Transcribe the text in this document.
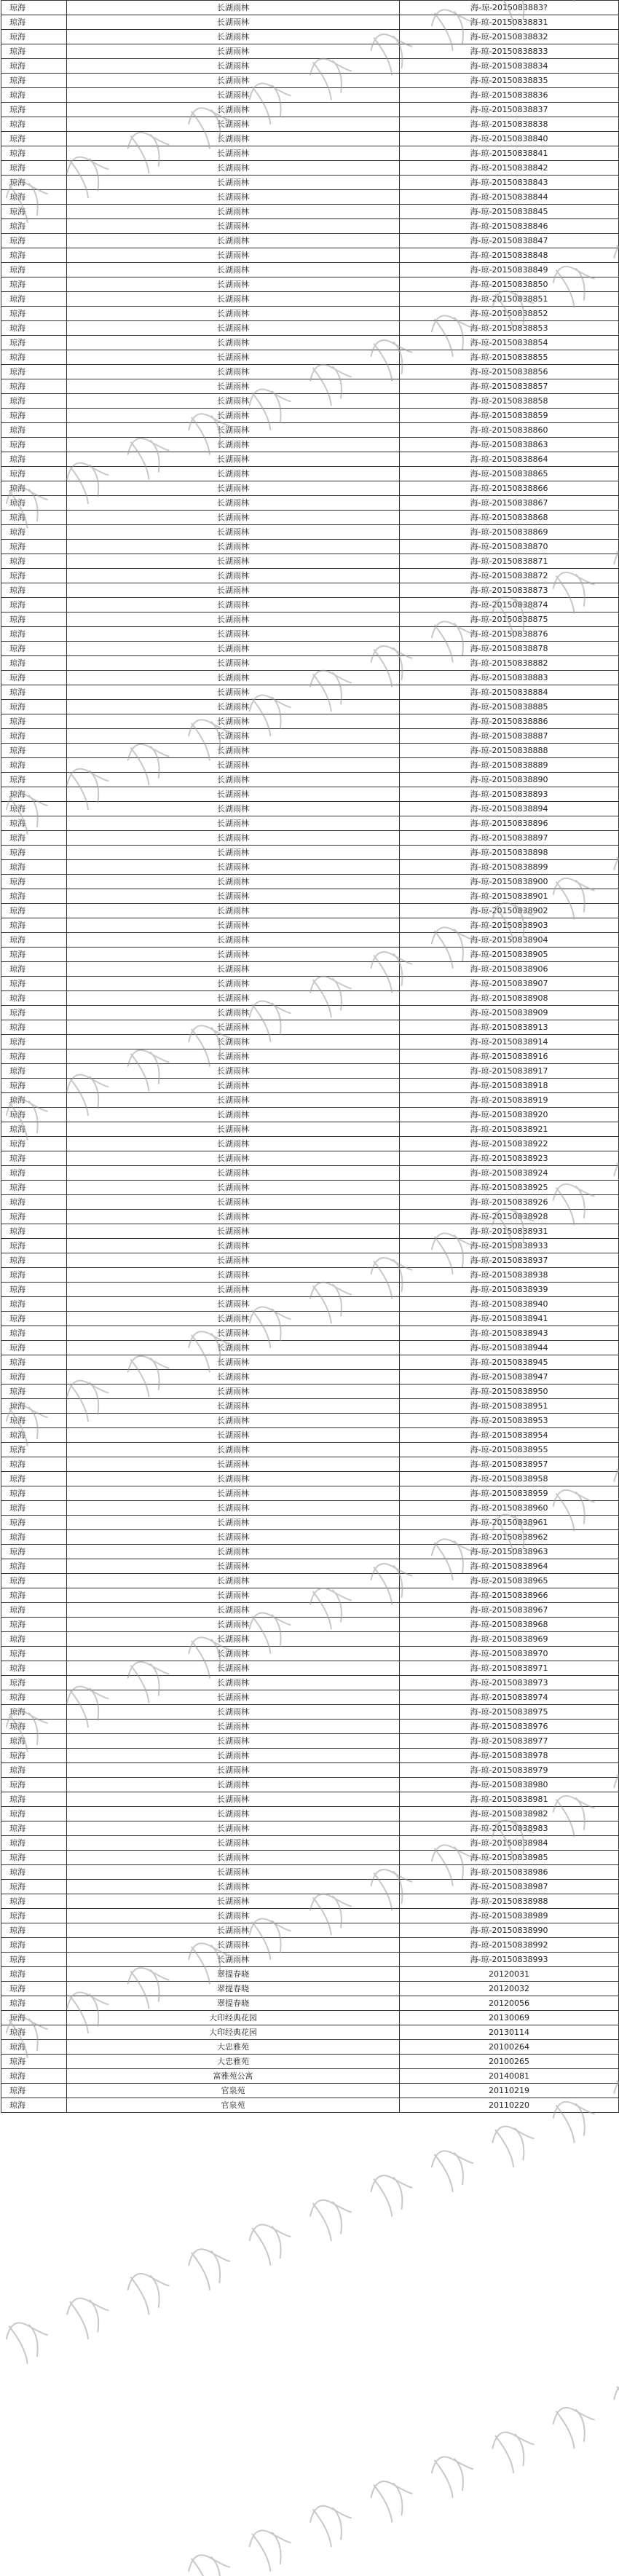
琼海	长湖雨林	海-琼-2015083883?
琼海	长湖雨林	海-琼-20150838831
琼海	长湖雨林	海-琼-20150838832
琼海	长湖雨林	海-琼-20150838833
琼海	长湖雨林	海-琼-20150838834
琼海	长湖雨林	海-琼-20150838835
琼海	长湖雨林	海-琼-20150838836
琼海	长湖雨林	海-琼-20150838837
琼海	长湖雨林	海-琼-20150838838
琼海	长湖雨林	海-琼-20150838840
琼海	长湖雨林	海-琼-20150838841
琼海	长湖雨林	海-琼-20150838842
琼海	长湖雨林	海-琼-20150838843
琼海	长湖雨林	海-琼-20150838844
琼海	长湖雨林	海-琼-20150838845
琼海	长湖雨林	海-琼-20150838846
琼海	长湖雨林	海-琼-20150838847
琼海	长湖雨林	海-琼-20150838848
琼海	长湖雨林	海-琼-20150838849
琼海	长湖雨林	海-琼-20150838850
琼海	长湖雨林	海-琼-20150838851
琼海	长湖雨林	海-琼-20150838852
琼海	长湖雨林	海-琼-20150838853
琼海	长湖雨林	海-琼-20150838854
琼海	长湖雨林	海-琼-20150838855
琼海	长湖雨林	海-琼-20150838856
琼海	长湖雨林	海-琼-20150838857
琼海	长湖雨林	海-琼-20150838858
琼海	长湖雨林	海-琼-20150838859
琼海	长湖雨林	海-琼-20150838860
琼海	长湖雨林	海-琼-20150838863
琼海	长湖雨林	海-琼-20150838864
琼海	长湖雨林	海-琼-20150838865
琼海	长湖雨林	海-琼-20150838866
琼海	长湖雨林	海-琼-20150838867
琼海	长湖雨林	海-琼-20150838868
琼海	长湖雨林	海-琼-20150838869
琼海	长湖雨林	海-琼-20150838870
琼海	长湖雨林	海-琼-20150838871
琼海	长湖雨林	海-琼-20150838872
琼海	长湖雨林	海-琼-20150838873
琼海	长湖雨林	海-琼-20150838874
琼海	长湖雨林	海-琼-20150838875
琼海	长湖雨林	海-琼-20150838876
琼海	长湖雨林	海-琼-20150838878
琼海	长湖雨林	海-琼-20150838882
琼海	长湖雨林	海-琼-20150838883
琼海	长湖雨林	海-琼-20150838884
琼海	长湖雨林	海-琼-20150838885
琼海	长湖雨林	海-琼-20150838886
琼海	长湖雨林	海-琼-20150838887
琼海	长湖雨林	海-琼-20150838888
琼海	长湖雨林	海-琼-20150838889
琼海	长湖雨林	海-琼-20150838890
琼海	长湖雨林	海-琼-20150838893
琼海	长湖雨林	海-琼-20150838894
琼海	长湖雨林	海-琼-20150838896
琼海	长湖雨林	海-琼-20150838897
琼海	长湖雨林	海-琼-20150838898
琼海	长湖雨林	海-琼-20150838899
琼海	长湖雨林	海-琼-20150838900
琼海	长湖雨林	海-琼-20150838901
琼海	长湖雨林	海-琼-20150838902
琼海	长湖雨林	海-琼-20150838903
琼海	长湖雨林	海-琼-20150838904
琼海	长湖雨林	海-琼-20150838905
琼海	长湖雨林	海-琼-20150838906
琼海	长湖雨林	海-琼-20150838907
琼海	长湖雨林	海-琼-20150838908
琼海	长湖雨林	海-琼-20150838909
琼海	长湖雨林	海-琼-20150838913
琼海	长湖雨林	海-琼-20150838914
琼海	长湖雨林	海-琼-20150838916
琼海	长湖雨林	海-琼-20150838917
琼海	长湖雨林	海-琼-20150838918
琼海	长湖雨林	海-琼-20150838919
琼海	长湖雨林	海-琼-20150838920
琼海	长湖雨林	海-琼-20150838921
琼海	长湖雨林	海-琼-20150838922
琼海	长湖雨林	海-琼-20150838923
琼海	长湖雨林	海-琼-20150838924
琼海	长湖雨林	海-琼-20150838925
琼海	长湖雨林	海-琼-20150838926
琼海	长湖雨林	海-琼-20150838928
琼海	长湖雨林	海-琼-20150838931
琼海	长湖雨林	海-琼-20150838933
琼海	长湖雨林	海-琼-20150838937
琼海	长湖雨林	海-琼-20150838938
琼海	长湖雨林	海-琼-20150838939
琼海	长湖雨林	海-琼-20150838940
琼海	长湖雨林	海-琼-20150838941
琼海	长湖雨林	海-琼-20150838943
琼海	长湖雨林	海-琼-20150838944
琼海	长湖雨林	海-琼-20150838945
琼海	长湖雨林	海-琼-20150838947
琼海	长湖雨林	海-琼-20150838950
琼海	长湖雨林	海-琼-20150838951
琼海	长湖雨林	海-琼-20150838953
琼海	长湖雨林	海-琼-20150838954
琼海	长湖雨林	海-琼-20150838955
琼海	长湖雨林	海-琼-20150838957
琼海	长湖雨林	海-琼-20150838958
琼海	长湖雨林	海-琼-20150838959
琼海	长湖雨林	海-琼-20150838960
琼海	长湖雨林	海-琼-20150838961
琼海	长湖雨林	海-琼-20150838962
琼海	长湖雨林	海-琼-20150838963
琼海	长湖雨林	海-琼-20150838964
琼海	长湖雨林	海-琼-20150838965
琼海	长湖雨林	海-琼-20150838966
琼海	长湖雨林	海-琼-20150838967
琼海	长湖雨林	海-琼-20150838968
琼海	长湖雨林	海-琼-20150838969
琼海	长湖雨林	海-琼-20150838970
琼海	长湖雨林	海-琼-20150838971
琼海	长湖雨林	海-琼-20150838973
琼海	长湖雨林	海-琼-20150838974
琼海	长湖雨林	海-琼-20150838975
琼海	长湖雨林	海-琼-20150838976
琼海	长湖雨林	海-琼-20150838977
琼海	长湖雨林	海-琼-20150838978
琼海	长湖雨林	海-琼-20150838979
琼海	长湖雨林	海-琼-20150838980
琼海	长湖雨林	海-琼-20150838981
琼海	长湖雨林	海-琼-20150838982
琼海	长湖雨林	海-琼-20150838983
琼海	长湖雨林	海-琼-20150838984
琼海	长湖雨林	海-琼-20150838985
琼海	长湖雨林	海-琼-20150838986
琼海	长湖雨林	海-琼-20150838987
琼海	长湖雨林	海-琼-20150838988
琼海	长湖雨林	海-琼-20150838989
琼海	长湖雨林	海-琼-20150838990
琼海	长湖雨林	海-琼-20150838992
琼海	长湖雨林	海-琼-20150838993
琼海	翠提春晓	20120031
琼海	翠提春晓	20120032
琼海	翠提春晓	20120056
琼海	大印经典花园	20130069
琼海	大印经典花园	20130114
琼海	大忠雅苑	20100264
琼海	大忠雅苑	20100265
琼海	富雅苑公寓	20140081
琼海	官泉苑	20110219
琼海	官泉苑	20110220
